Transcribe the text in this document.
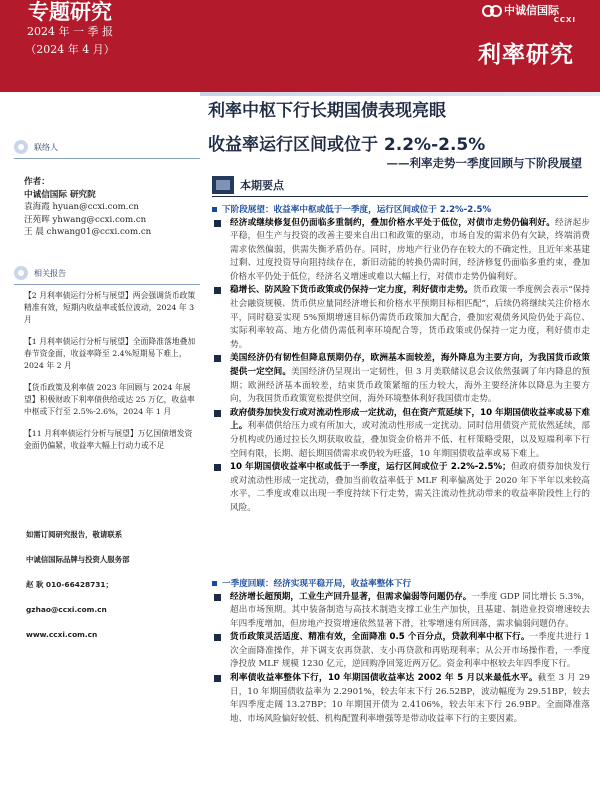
专题研究
2024 年 一 季 报
（2024 年 4 月）
中诚信国际
CCXI
利率研究
利率中枢下行长期国债表现亮眼
收益率运行区间或位于 2.2%-2.5%
——利率走势一季度回顾与下阶段展望
联络人
作者：
中诚信国际 研究院
袁海霞 hyuan@ccxi.com.cn
汪苑晖 yhwang@ccxi.com.cn
王 晨 chwang01@ccxi.com.cn
相关报告

【2 月利率债运行分析与展望】两会强调货币政策精准有效，短期内收益率或低位波动，2024 年 3 月

【1 月利率债运行分析与展望】全面降准落地叠加春节资金面，收益率降至 2.4%短期易下难上，2024 年 2 月

【货币政策及利率债 2023 年回顾与 2024 年展望】积极财政下利率债供给或达 25 万亿，收益率中枢或下行至 2.5%-2.6%，2024 年 1 月

【11 月利率债运行分析与展望】万亿国债增发资金面仍偏紧，收益率大幅上行动力或不足

如需订阅研究报告，敬请联系

中诚信国际品牌与投资人服务部

赵 耿 010-66428731；

gzhao@ccxi.com.cn

www.ccxi.com.cn

本期要点
下阶段展望：收益率中枢或低于一季度，运行区间或位于 2.2%-2.5%
经济或继续修复但仍面临多重制约，叠加价格水平处于低位，对债市走势仍偏利好。经济起步平稳，但生产与投资的改善主要来自出口和政策的驱动，市场自发的需求仍有欠缺，终端消费需求依然偏弱，供需失衡矛盾仍存。同时，房地产行业仍存在较大的不确定性，且近年来基建过剩、过度投资导向阻持续存在，新旧动能的转换仍需时间，经济修复仍面临多重约束，叠加价格水平仍处于低位，经济名义增速或难以大幅上行，对债市走势仍偏利好。
稳增长、防风险下货币政策或仍保持一定力度，利好债市走势。货币政策一季度例会表示“保持社会融资规模、货币供应量同经济增长和价格水平预期目标相匹配”，后续仍将继续关注价格水平，同时稳妥实现 5%预期增速目标仍需货币政策加大配合，叠加宏观债务风险仍处于高位、实际利率较高、地方化债仍需低利率环境配合等，货币政策或仍保持一定力度，利好债市走势。
美国经济仍有韧性但降息预期仍存，欧洲基本面较差，海外降息为主要方向，为我国货币政策提供一定空间。美国经济仍呈现出一定韧性，但 3 月美联储议息会议依然强调了年内降息的预期；欧洲经济基本面较差，结束货币政策紧缩的压力较大，海外主要经济体以降息为主要方向，为我国货币政策宽松提供空间，海外环境整体利好我国债市走势。
政府债券加快发行或对流动性形成一定扰动，但在资产荒延续下，10 年期国债收益率或易下难上。利率债供给压力或有所加大，或对流动性形成一定扰动。同时信用债资产荒依然延续，部分机构或仍通过拉长久期获取收益，叠加资金价格并不低、杠杆策略受限，以及短端利率下行空间有限，长期、超长期国债需求或仍较为旺盛，10 年期国债收益率或易下难上。
10 年期国债收益率中枢或低于一季度，运行区间或位于 2.2%-2.5%；但政府债券加快发行或对流动性形成一定扰动，叠加当前收益率低于 MLF 利率偏离处于 2020 年下半年以来较高水平，二季度或难以出现一季度持续下行走势，需关注流动性扰动带来的收益率阶段性上行的风险。
一季度回顾：经济实现平稳开局，收益率整体下行
经济增长超预期，工业生产回升显著，但需求偏弱等问题仍存。一季度 GDP 同比增长 5.3%，超出市场预期。其中装备制造与高技术制造支撑工业生产加快，且基建、制造业投资增速较去年四季度增加，但房地产投资增速依然显著下滑，社零增速有所回落，需求偏弱问题仍存。
货币政策灵活适度、精准有效，全面降准 0.5 个百分点，贷款利率中枢下行。一季度共进行 1 次全面降准操作，并下调支农再贷款、支小再贷款和再贴现利率；从公开市场操作看，一季度净投放 MLF 规模 1230 亿元，逆回购净回笼近两万亿。资金利率中枢较去年四季度下行。
利率债收益率整体下行，10 年期国债收益率达 2002 年 5 月以来最低水平。截至 3 月 29 日，10 年期国债收益率为 2.2901%，较去年末下行 26.52BP，波动幅度为 29.51BP，较去年四季度走阔 13.27BP；10 年期国开债为 2.4106%，较去年末下行 26.9BP。全面降准落地、市场风险偏好较低、机构配置利率增强等是带动收益率下行的主要因素。
